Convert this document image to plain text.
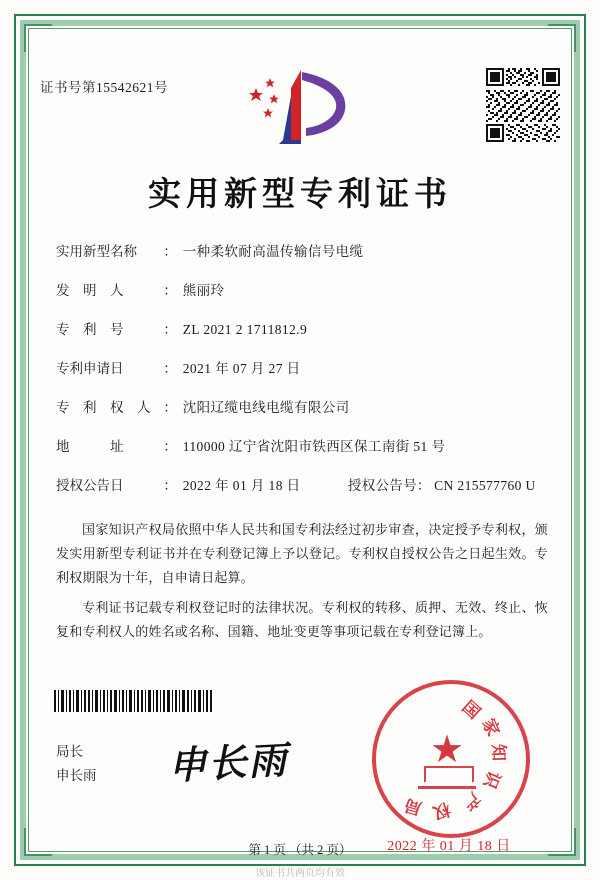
证书号第15542621号
实用新型专利证书
实用新型名称 ： 一种柔软耐高温传输信号电缆
发　明　人	： 熊丽玲
专　利　号	： ZL 2021 2 1711812.9
专利申请日	： 2021 年 07 月 27 日
专　利　权　人 ： 沈阳辽缆电线电缆有限公司
地　　　址	： 110000 辽宁省沈阳市铁西区保工南街 51 号
授权公告日	： 2022 年 01 月 18 日	授权公告号： CN 215577760 U
国家知识产权局依照中华人民共和国专利法经过初步审查，决定授予专利权，颁发实用新型专利证书并在专利登记簿上予以登记。专利权自授权公告之日起生效。专利权期限为十年，自申请日起算。
专利证书记载专利权登记时的法律状况。专利权的转移、质押、无效、终止、恢复和专利权人的姓名或名称、国籍、地址变更等事项记载在专利登记簿上。
局长
申长雨 申长雨	★
国
家
知
识
产
权
局
2022 年 01 月 18 日
第 1 页 （共 2 页）
该证书共两页均有效
